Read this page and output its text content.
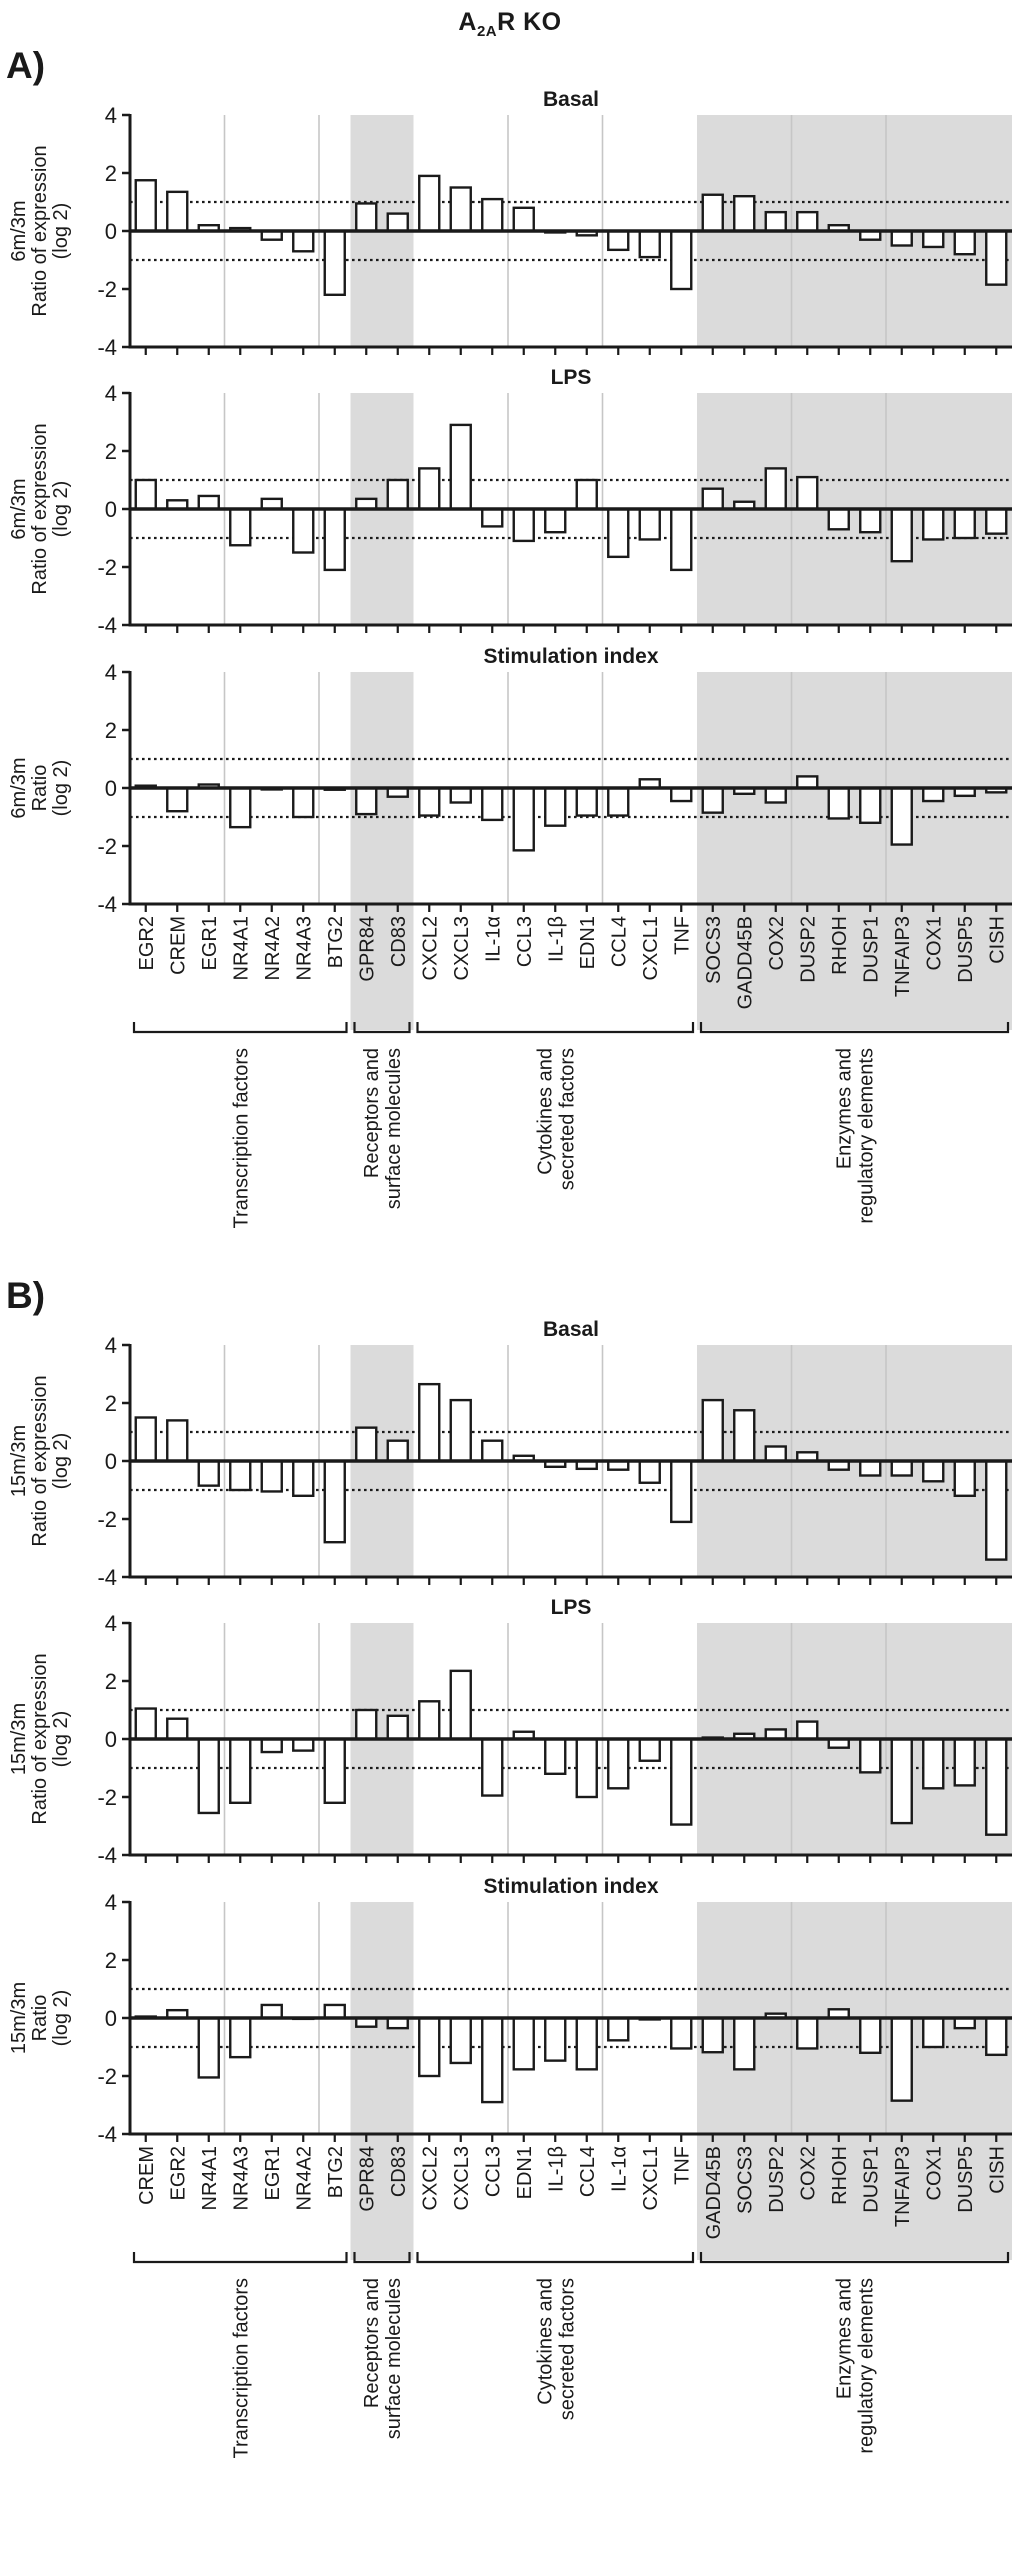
$A_{2A}R$ KO
A)
4
2
0
-2
-4
Basal
6m/3m Ratio of expression (log 2)
4
2
0
-2
-4
LPS
6m/3m Ratio of expression (log 2)
4
2
0
-2
-4
Stimulation index
6m/3m Ratio (log 2)
EGR2 CREM EGR1 NR4A1 NR4A2 NR4A3 BTG2 GPR84 CD83 CXCL2 CXCL3 IL-1α CCL3 IL-1β EDN1 CCL4 CXCL1 TNF SOCS3 GADD45B COX2 DUSP2 RHOH DUSP1 TNFAIP3 COX1 DUSP5 CISH
Transcription factors	Receptors and surface molecules	Cytokines and secreted factors	Enzymes and regulatory elements
B)
4
2
0
-2
-4
Basal
15m/3m Ratio of expression (log 2)
4
2
0
-2
-4
LPS
15m/3m Ratio of expression (log 2)
4
2
0
-2
-4
Stimulation index
15m/3m Ratio (log 2)
CREM EGR2 NR4A1 NR4A3 EGR1 NR4A2 BTG2 GPR84 CD83 CXCL2 CXCL3 CCL3 EDN1 IL-1β CCL4 IL-1α CXCL1 TNF GADD45B SOCS3 DUSP2 COX2 RHOH DUSP1 TNFAIP3 COX1 DUSP5 CISH
Transcription factors	Receptors and surface molecules	Cytokines and secreted factors	Enzymes and regulatory elements
